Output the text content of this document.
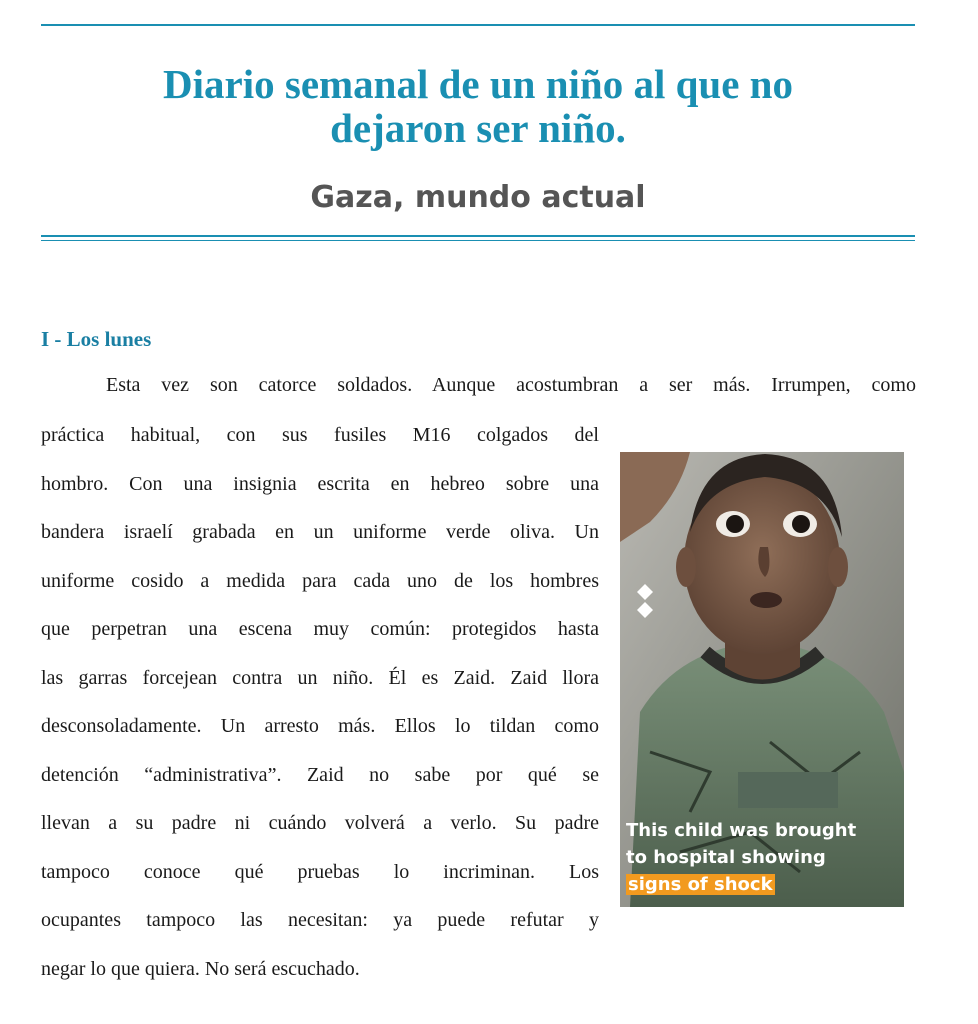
Diario semanal de un niño al que no
dejaron ser niño.
Gaza, mundo actual
I - Los lunes

Esta vez son catorce soldados. Aunque acostumbran a ser más. Irrumpen, como

práctica habitual, con sus fusiles M16 colgados del

hombro. Con una insignia escrita en hebreo sobre una

bandera israelí grabada en un uniforme verde oliva. Un

uniforme cosido a medida para cada uno de los hombres

que perpetran una escena muy común: protegidos hasta

las garras forcejean contra un niño. Él es Zaid. Zaid llora

desconsoladamente. Un arresto más. Ellos lo tildan como

detención “administrativa”. Zaid no sabe por qué se

llevan a su padre ni cuándo volverá a verlo. Su padre

tampoco conoce qué pruebas lo incriminan. Los

ocupantes tampoco las necesitan: ya puede refutar y

negar lo que quiera. No será escuchado.

This child was brought
to hospital showing
signs of shock
